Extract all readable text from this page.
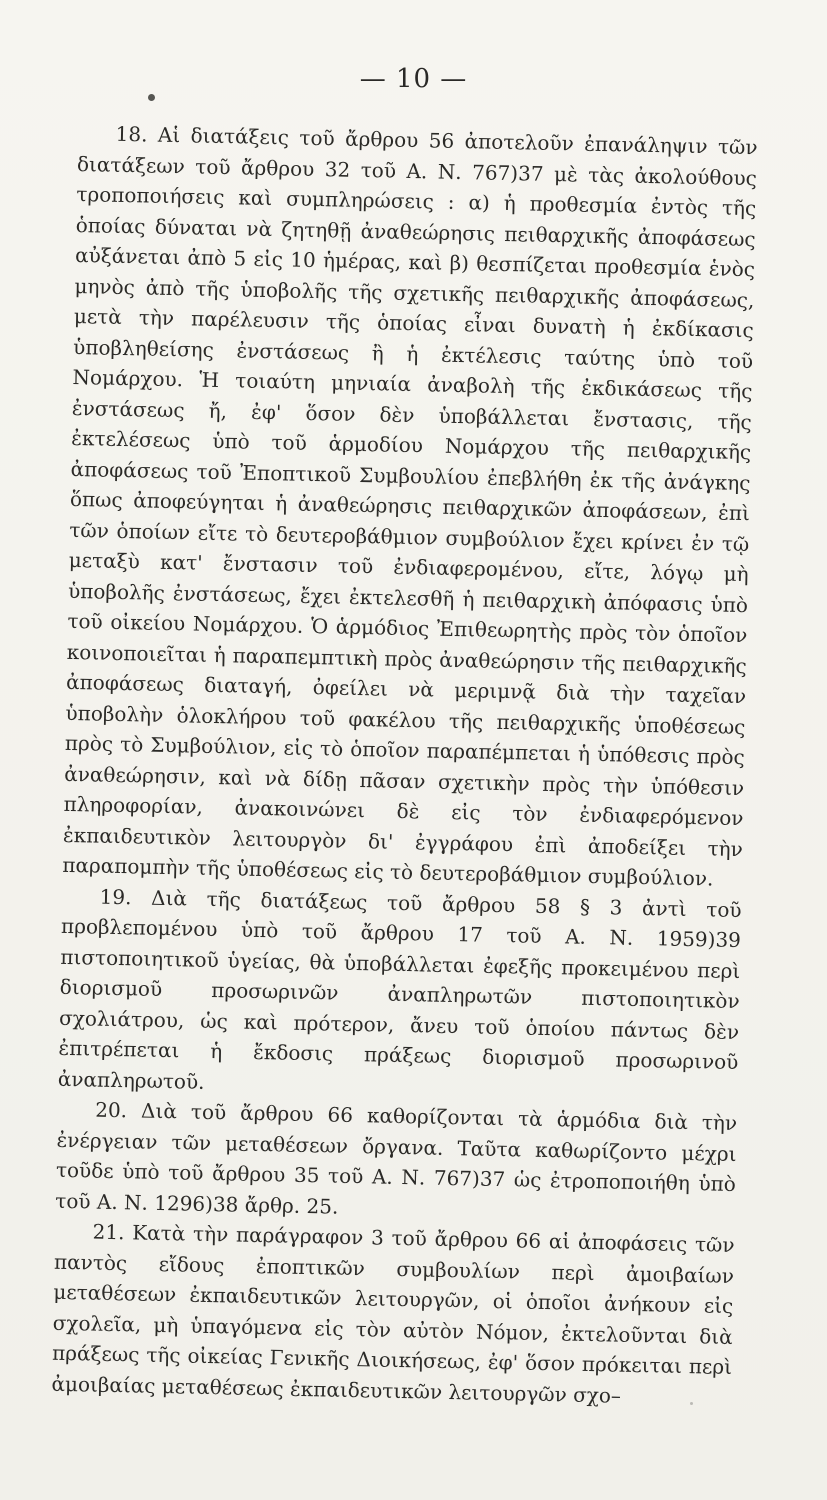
— 10 —

18. Αἱ διατάξεις τοῦ ἄρθρου 56 ἀποτελοῦν ἐπανάληψιν τῶν διατάξεων τοῦ ἄρθρου 32 τοῦ Α. Ν. 767)37 μὲ τὰς ἀκολούθους τροποποιήσεις καὶ συμπληρώσεις : α) ἡ προθεσμία ἐντὸς τῆς ὁποίας δύναται νὰ ζητηθῇ ἀναθεώρησις πειθαρχικῆς ἀποφάσεως αὐξάνεται ἀπὸ 5 εἰς 10 ἡμέρας, καὶ β) θεσπίζεται προθεσμία ἑνὸς μηνὸς ἀπὸ τῆς ὑποβολῆς τῆς σχετικῆς πειθαρχικῆς ἀποφάσεως, μετὰ τὴν παρέλευσιν τῆς ὁποίας εἶναι δυνατὴ ἡ ἐκδίκασις ὑποβληθείσης ἐνστάσεως ἢ ἡ ἐκτέλεσις ταύτης ὑπὸ τοῦ Νομάρχου. Ἡ τοιαύτη μηνιαία ἀναβολὴ τῆς ἐκδικάσεως τῆς ἐνστάσεως ἤ, ἐφ' ὅσον δὲν ὑποβάλλεται ἔνστασις, τῆς ἐκτελέσεως ὑπὸ τοῦ ἁρμοδίου Νομάρχου τῆς πειθαρχικῆς ἀποφάσεως τοῦ Ἐποπτικοῦ Συμβουλίου ἐπεβλήθη ἐκ τῆς ἀνάγκης ὅπως ἀποφεύγηται ἡ ἀναθεώρησις πειθαρχικῶν ἀποφάσεων, ἐπὶ τῶν ὁποίων εἴτε τὸ δευτεροβάθμιον συμβούλιον ἔχει κρίνει ἐν τῷ μεταξὺ κατ' ἔνστασιν τοῦ ἐνδιαφερομένου, εἴτε, λόγῳ μὴ ὑποβολῆς ἐνστάσεως, ἔχει ἐκτελεσθῆ ἡ πειθαρχικὴ ἀπόφασις ὑπὸ τοῦ οἰκείου Νομάρχου. Ὁ ἁρμόδιος Ἐπιθεωρητὴς πρὸς τὸν ὁποῖον κοινοποιεῖται ἡ παραπεμπτικὴ πρὸς ἀναθεώρησιν τῆς πειθαρχικῆς ἀποφάσεως διαταγή, ὀφείλει νὰ μεριμνᾷ διὰ τὴν ταχεῖαν ὑποβολὴν ὁλοκλήρου τοῦ φακέλου τῆς πειθαρχικῆς ὑποθέσεως πρὸς τὸ Συμβούλιον, εἰς τὸ ὁποῖον παραπέμπεται ἡ ὑπόθεσις πρὸς ἀναθεώρησιν, καὶ νὰ δίδῃ πᾶσαν σχετικὴν πρὸς τὴν ὑπόθεσιν πληροφορίαν, ἀνακοινώνει δὲ εἰς τὸν ἐνδιαφερόμενον ἐκπαιδευτικὸν λειτουργὸν δι' ἐγγράφου ἐπὶ ἀποδείξει τὴν παραπομπὴν τῆς ὑποθέσεως εἰς τὸ δευτεροβάθμιον συμβούλιον.

19. Διὰ τῆς διατάξεως τοῦ ἄρθρου 58 § 3 ἀντὶ τοῦ προβλεπομένου ὑπὸ τοῦ ἄρθρου 17 τοῦ Α. Ν. 1959)39 πιστοποιητικοῦ ὑγείας, θὰ ὑποβάλλεται ἐφεξῆς προκειμένου περὶ διορισμοῦ προσωρινῶν ἀναπληρωτῶν πιστοποιητικὸν σχολιάτρου, ὡς καὶ πρότερον, ἄνευ τοῦ ὁποίου πάντως δὲν ἐπιτρέπεται ἡ ἔκδοσις πράξεως διορισμοῦ προσωρινοῦ ἀναπληρωτοῦ.

20. Διὰ τοῦ ἄρθρου 66 καθορίζονται τὰ ἁρμόδια διὰ τὴν ἐνέργειαν τῶν μεταθέσεων ὄργανα. Ταῦτα καθωρίζοντο μέχρι τοῦδε ὑπὸ τοῦ ἄρθρου 35 τοῦ Α. Ν. 767)37 ὡς ἐτροποποιήθη ὑπὸ τοῦ Α. Ν. 1296)38 ἄρθρ. 25.

21. Κατὰ τὴν παράγραφον 3 τοῦ ἄρθρου 66 αἱ ἀποφάσεις τῶν παντὸς εἴδους ἐποπτικῶν συμβουλίων περὶ ἀμοιβαίων μεταθέσεων ἐκπαιδευτικῶν λειτουργῶν, οἱ ὁποῖοι ἀνήκουν εἰς σχολεῖα, μὴ ὑπαγόμενα εἰς τὸν αὐτὸν Νόμον, ἐκτελοῦνται διὰ πράξεως τῆς οἰκείας Γενικῆς Διοικήσεως, ἐφ' ὅσον πρόκειται περὶ ἀμοιβαίας μεταθέσεως ἐκπαιδευτικῶν λειτουργῶν σχο–
